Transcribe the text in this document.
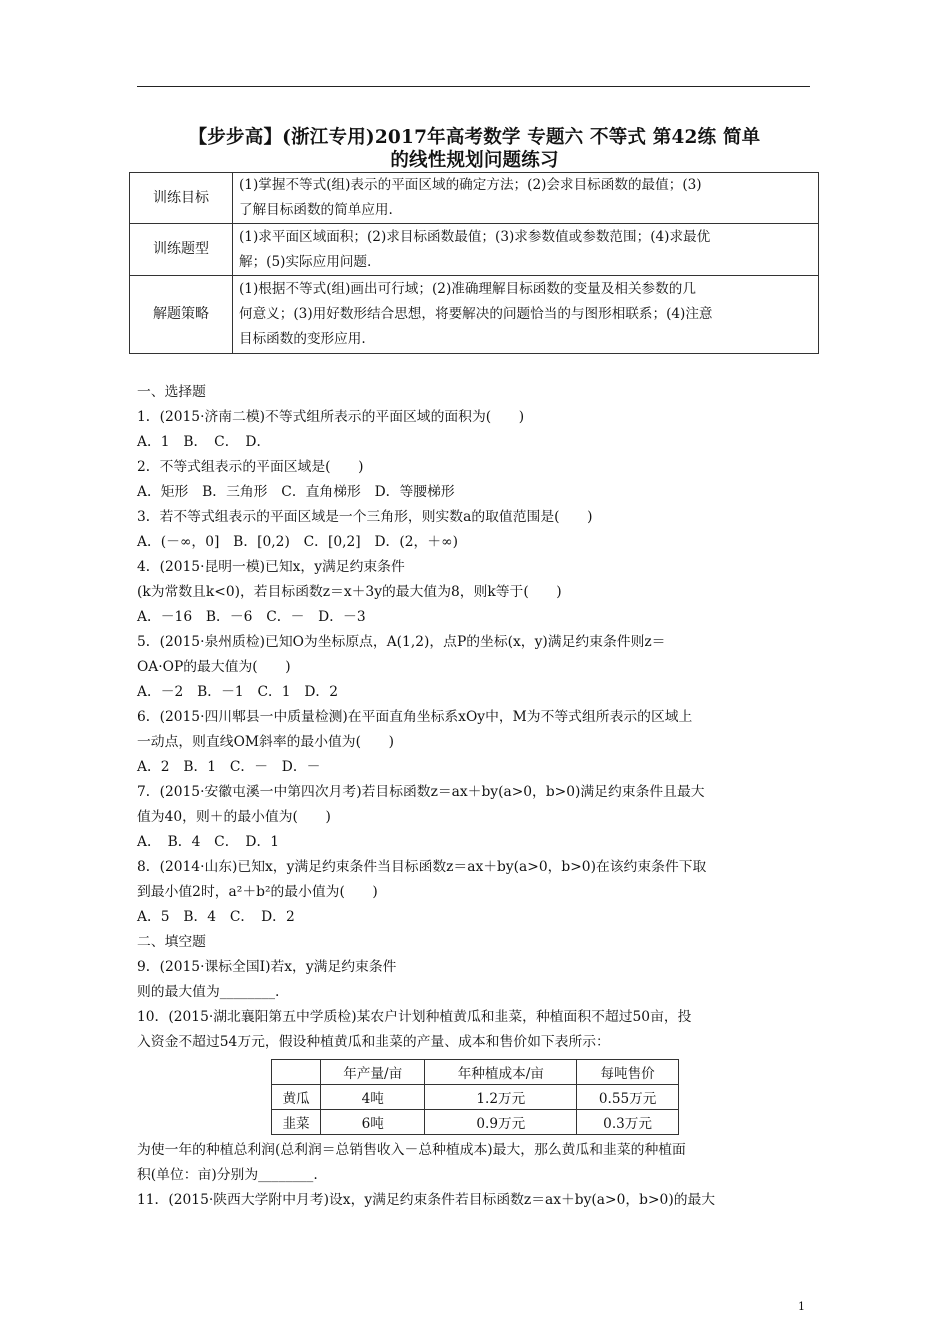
【步步高】(浙江专用)2017年高考数学 专题六 不等式 第42练 简单
的线性规划问题练习
训练目标	(1)掌握不等式(组)表示的平面区域的确定方法；(2)会求目标函数的最值；(3)
了解目标函数的简单应用.

训练题型	(1)求平面区域面积；(2)求目标函数最值；(3)求参数值或参数范围；(4)求最优
解；(5)实际应用问题.

解题策略	(1)根据不等式(组)画出可行域；(2)准确理解目标函数的变量及相关参数的几
何意义；(3)用好数形结合思想，将要解决的问题恰当的与图形相联系；(4)注意
目标函数的变形应用.
一、选择题
1．(2015·济南二模)不等式组所表示的平面区域的面积为(　　)
A．1　B．　C．　D．
2．不等式组表示的平面区域是(　　)
A．矩形　B．三角形　C．直角梯形　D．等腰梯形
3．若不等式组表示的平面区域是一个三角形，则实数a的取值范围是(　　)
A．(－∞，0]　B．[0,2)　C．[0,2]　D．(2，＋∞)
4．(2015·昆明一模)已知x，y满足约束条件
(k为常数且k<0)，若目标函数z＝x＋3y的最大值为8，则k等于(　　)
A．－16　B．－6　C．－　D．－3
5．(2015·泉州质检)已知O为坐标原点，A(1,2)，点P的坐标(x，y)满足约束条件则z＝
OA·OP的最大值为(　　)
A．－2　B．－1　C．1　D．2
6．(2015·四川郫县一中质量检测)在平面直角坐标系xOy中，M为不等式组所表示的区域上
一动点，则直线OM斜率的最小值为(　　)
A．2　B．1　C．－　D．－
7．(2015·安徽屯溪一中第四次月考)若目标函数z＝ax＋by(a>0，b>0)满足约束条件且最大
值为40，则＋的最小值为(　　)
A．　B．4　C．　D．1
8．(2014·山东)已知x，y满足约束条件当目标函数z＝ax＋by(a>0，b>0)在该约束条件下取
到最小值2时，a²＋b²的最小值为(　　)
A．5　B．4　C．　D．2
二、填空题
9．(2015·课标全国Ⅰ)若x，y满足约束条件
则的最大值为________.
10．(2015·湖北襄阳第五中学质检)某农户计划种植黄瓜和韭菜，种植面积不超过50亩，投
入资金不超过54万元，假设种植黄瓜和韭菜的产量、成本和售价如下表所示：
	年产量/亩	年种植成本/亩	每吨售价
黄瓜	4吨	1.2万元	0.55万元
韭菜	6吨	0.9万元	0.3万元
为使一年的种植总利润(总利润＝总销售收入－总种植成本)最大，那么黄瓜和韭菜的种植面
积(单位：亩)分别为________.
11．(2015·陕西大学附中月考)设x，y满足约束条件若目标函数z＝ax＋by(a>0，b>0)的最大
1
